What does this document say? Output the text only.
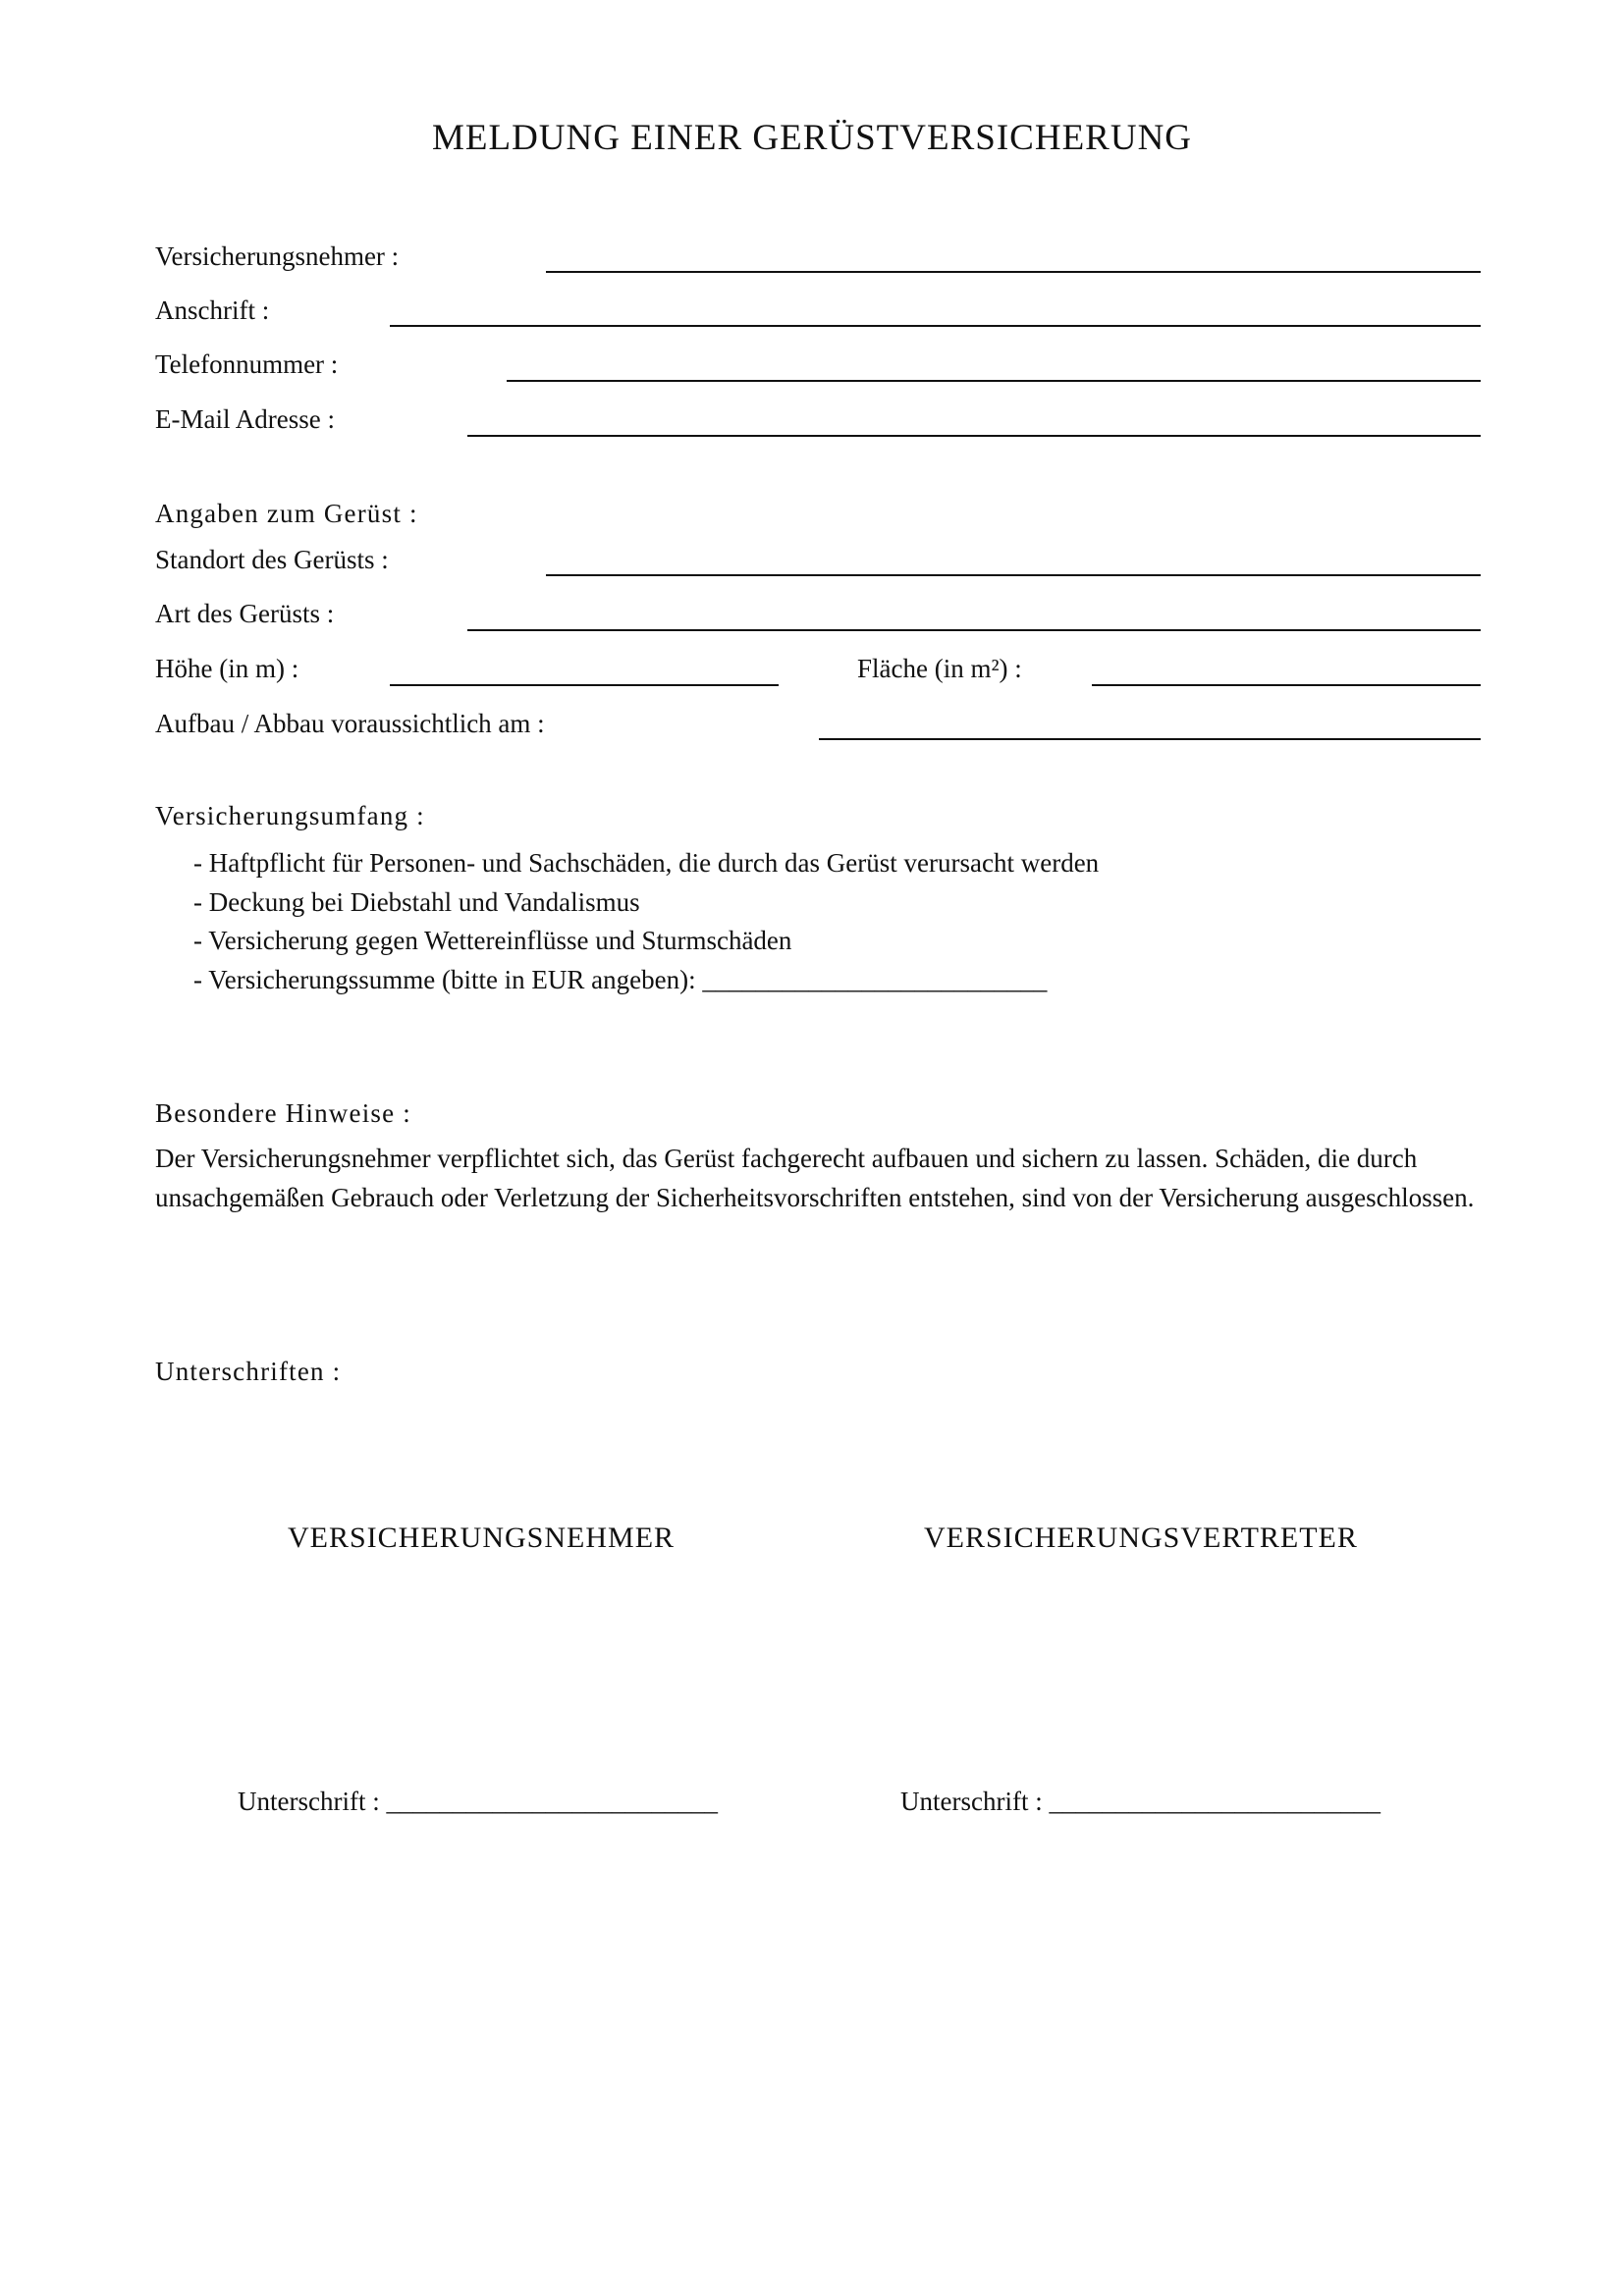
MELDUNG EINER GERÜSTVERSICHERUNG
Versicherungsnehmer :
Anschrift :
Telefonnummer :
E-Mail Adresse :
Angaben zum Gerüst :
Standort des Gerüsts :
Art des Gerüsts :
Höhe (in m) :	Fläche (in m²) :
Aufbau / Abbau voraussichtlich am :
Versicherungsumfang :
- Haftpflicht für Personen- und Sachschäden, die durch das Gerüst verursacht werden
- Deckung bei Diebstahl und Vandalismus
- Versicherung gegen Wettereinflüsse und Sturmschäden
- Versicherungssumme (bitte in EUR angeben): __________________________
Besondere Hinweise :
Der Versicherungsnehmer verpflichtet sich, das Gerüst fachgerecht aufbauen und sichern zu lassen. Schäden, die durch unsachgemäßen Gebrauch oder Verletzung der Sicherheitsvorschriften entstehen, sind von der Versicherung ausgeschlossen.
Unterschriften :
VERSICHERUNGSNEHMER	VERSICHERUNGSVERTRETER
Unterschrift : _________________________	Unterschrift : _________________________
